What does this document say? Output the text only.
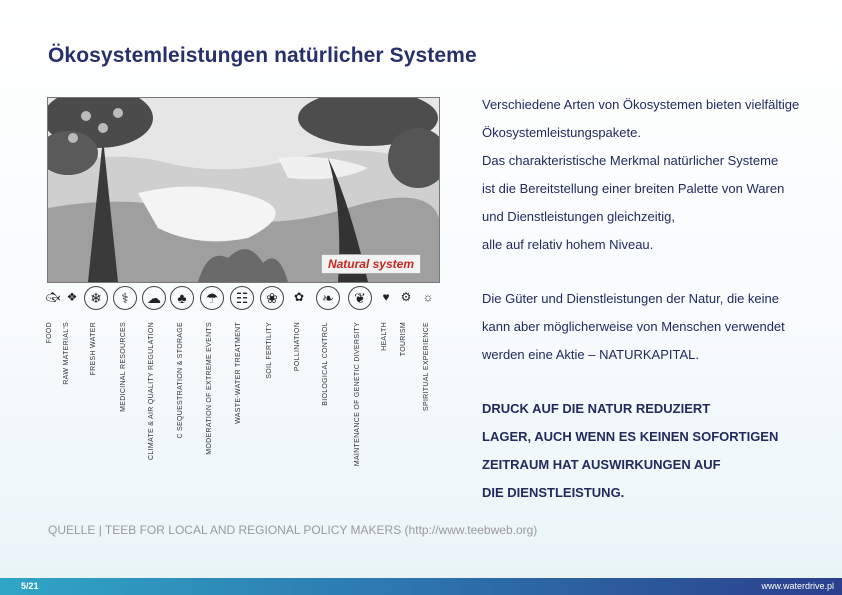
Ökosystemleistungen natürlicher Systeme
Natural system
🐟︎ ❖ ❄	⚕	☁	♣	☂	☷	❀	✿	❧	❦	♥ ⚙ ☼
FOOD RAW MATERIAL'S	FRESH WATER	MEDICINAL RESOURCES	CLIMATE & AIR QUALITY REGULATION	C SEQUESTRATION & STORAGE	MODERATION OF EXTREME EVENTS	WASTE-WATER TREATMENT	SOIL FERTILITY	POLLINATION	BIOLOGICAL CONTROL	MAINTENANCE OF GENETIC DIVERSITY	HEALTH TOURISM SPIRITUAL EXPERIENCE
Verschiedene Arten von Ökosystemen bieten vielfältige
Ökosystemleistungspakete.
Das charakteristische Merkmal natürlicher Systeme
ist die Bereitstellung einer breiten Palette von Waren
und Dienstleistungen gleichzeitig,
alle auf relativ hohem Niveau.
Die Güter und Dienstleistungen der Natur, die keine
kann aber möglicherweise von Menschen verwendet
werden eine Aktie – NATURKAPITAL.
DRUCK AUF DIE NATUR REDUZIERT
LAGER, AUCH WENN ES KEINEN SOFORTIGEN
ZEITRAUM HAT AUSWIRKUNGEN AUF
DIE DIENSTLEISTUNG.
QUELLE | TEEB FOR LOCAL AND REGIONAL POLICY MAKERS (http://www.teebweb.org)
5/21	www.waterdrive.pl
